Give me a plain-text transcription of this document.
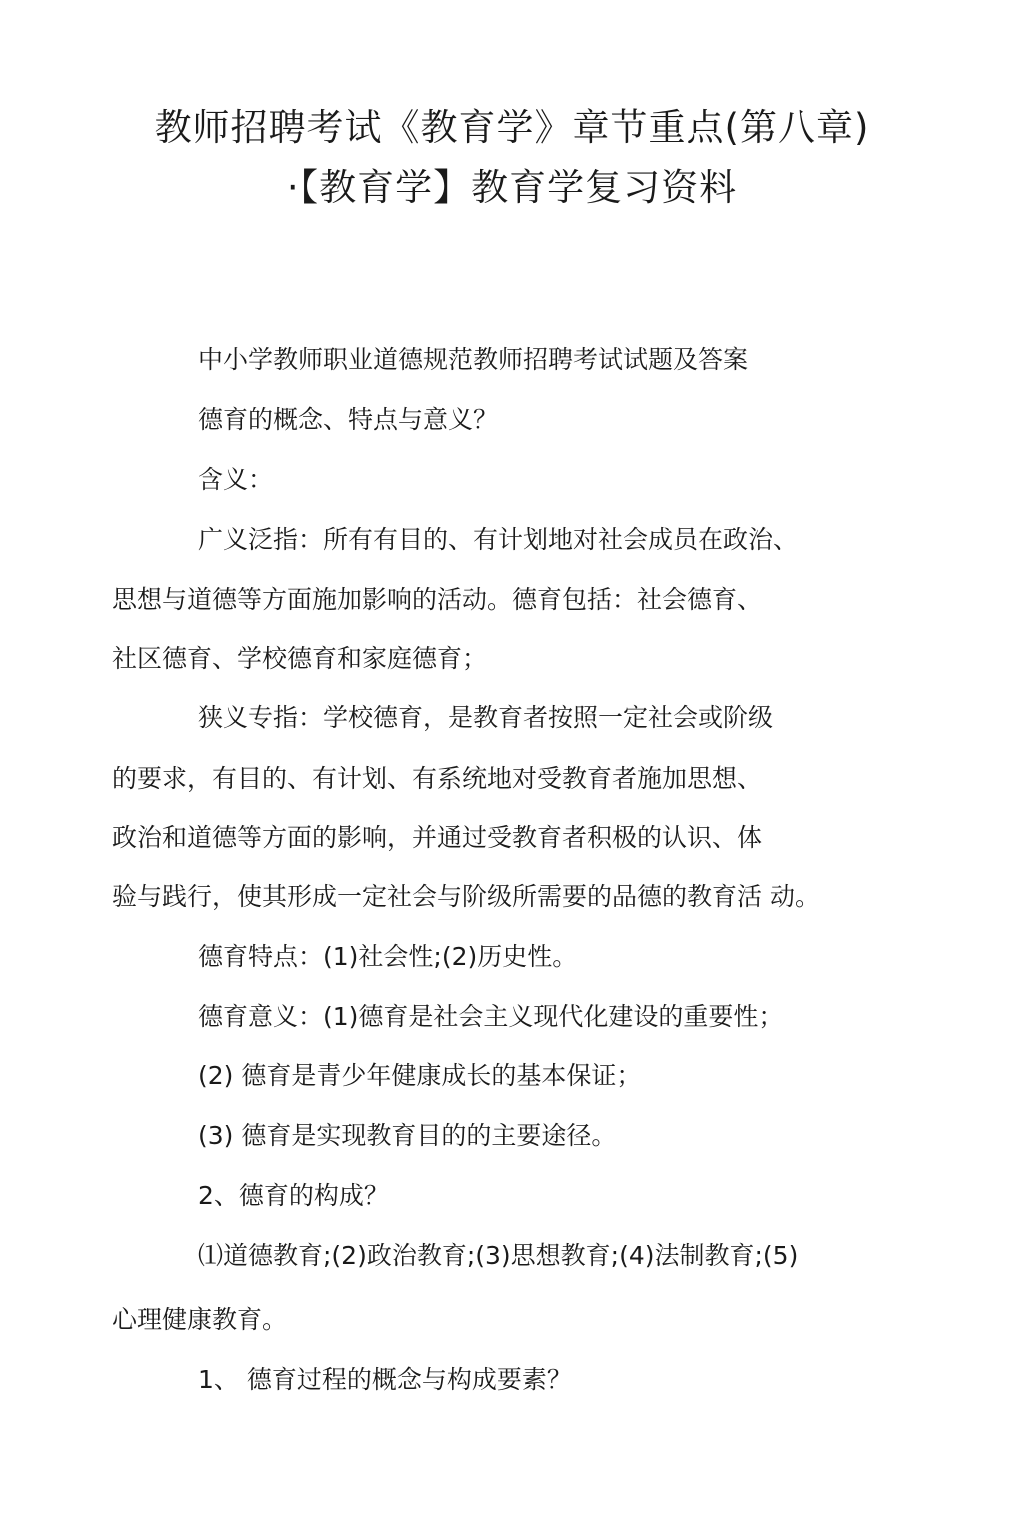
教师招聘考试《教育学》章节重点(第八章)
·【教育学】教育学复习资料

中小学教师职业道德规范教师招聘考试试题及答案

德育的概念、特点与意义？

含义：

广义泛指：所有有目的、有计划地对社会成员在政治、

思想与道德等方面施加影响的活动。德育包括：社会德育、

社区德育、学校德育和家庭德育；

狭义专指：学校德育，是教育者按照一定社会或阶级

的要求，有目的、有计划、有系统地对受教育者施加思想、

政治和道德等方面的影响，并通过受教育者积极的认识、体

验与践行，使其形成一定社会与阶级所需要的品德的教育活 动。

德育特点：(1)社会性;(2)历史性。

德育意义：(1)德育是社会主义现代化建设的重要性；

(2) 德育是青少年健康成长的基本保证；

(3) 德育是实现教育目的的主要途径。

2、德育的构成？

⑴道德教育;(2)政治教育;(3)思想教育;(4)法制教育;(5)

心理健康教育。

1、 德育过程的概念与构成要素？
